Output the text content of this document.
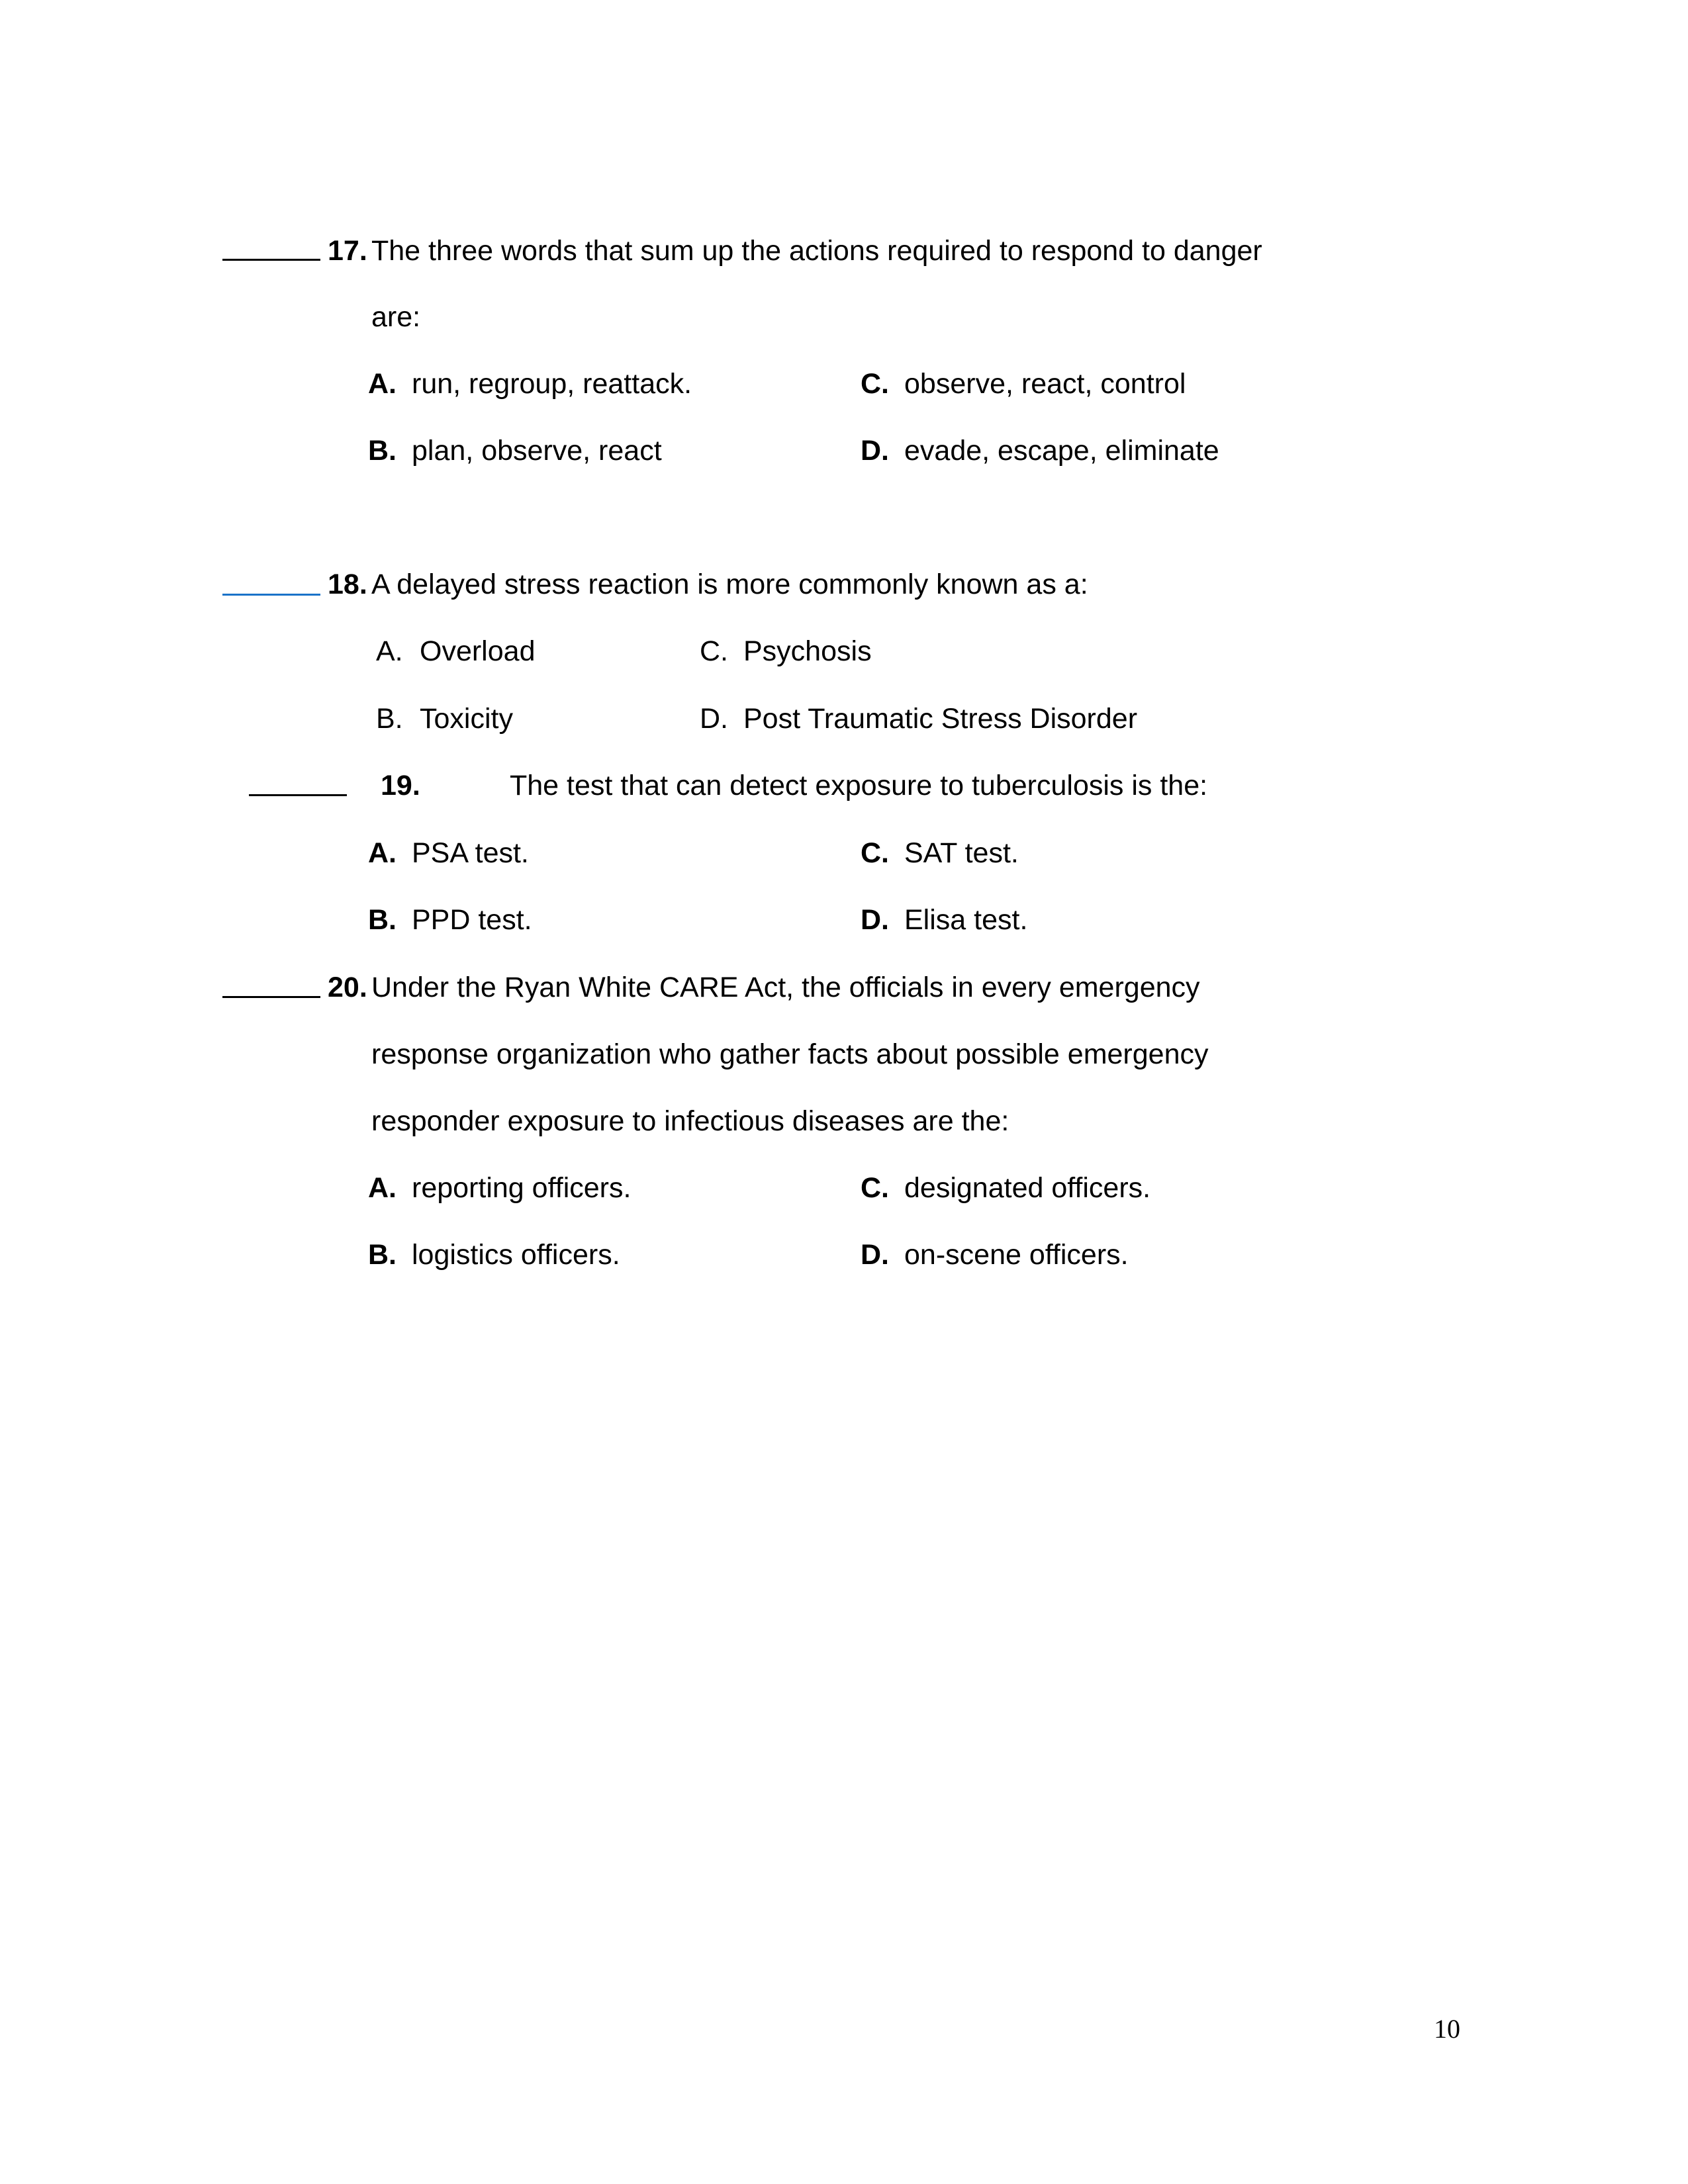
17. The three words that sum up the actions required to respond to danger
are:
A. run, regroup, reattack.
B. plan, observe, react
C. observe, react, control
D. evade, escape, eliminate
18. A delayed stress reaction is more commonly known as a:
A. Overload
B. Toxicity
C. Psychosis
D. Post Traumatic Stress Disorder
19.	The test that can detect exposure to tuberculosis is the:
A. PSA test.
B. PPD test.
C. SAT test.
D. Elisa test.
20. Under the Ryan White CARE Act, the officials in every emergency
response organization who gather facts about possible emergency
responder exposure to infectious diseases are the:
A. reporting officers.
B. logistics officers.
C. designated officers.
D. on-scene officers.
10
